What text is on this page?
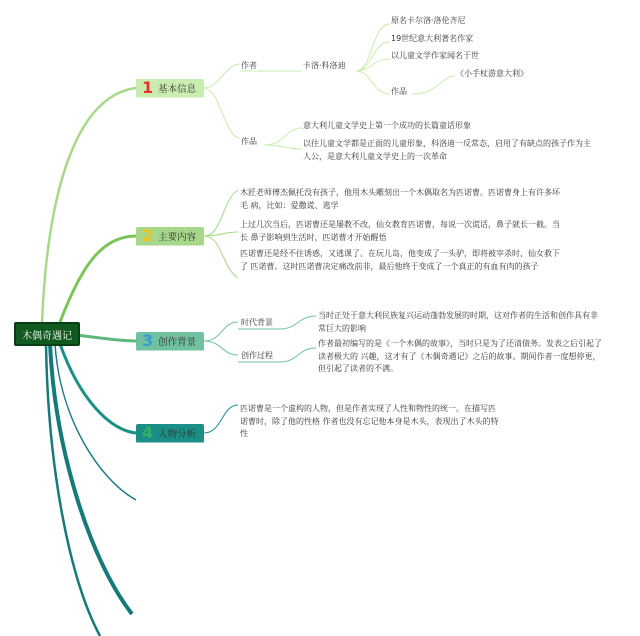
木偶奇遇记
1 基本信息
2 主要内容
3 创作背景
4 人物分析
作者	卡洛·科洛迪
原名卡尔洛·洛伦齐尼
19世纪意大利著名作家
以儿童文学作家闻名于世
作品
《小手杖游意大利》
作品
意大利儿童文学史上第一个成功的长篇童话形象
以往儿童文学都是正面的儿童形象，科洛迪一反常态，启用了有缺点的孩子作为主人公，是意大利儿童文学史上的一次革命
木匠老师傅杰佩托没有孩子，他用木头雕刻出一个木偶取名为匹诺曹。匹诺曹身上有许多坏毛 病，比如：爱撒谎、逃学
上过几次当后，匹诺曹还是屡教不改，仙女教育匹诺曹，每说一次谎话，鼻子就长一截。当长 鼻子影响到生活时，匹诺曹才开始醒悟
匹诺曹还是经不住诱惑，又逃课了。在玩儿岛，他变成了一头驴，即将被宰杀时，仙女救下了 匹诺曹。这时匹诺曹决定痛改前非，最后他终于变成了一个真正的有血有肉的孩子
时代背景
当时正处于意大利民族复兴运动蓬勃发展的时期，这对作者的生活和创作具有非常巨大的影响
创作过程
作者最初编写的是《一个木偶的故事》，当时只是为了还清债务。发表之后引起了读者极大的 兴趣，这才有了《木偶奇遇记》之后的故事。期间作者一度想停更，但引起了读者的不满。
匹诺曹是一个虚构的人物，但是作者实现了人性和物性的统一。在描写匹诺曹时，除了他的性格 作者也没有忘记他本身是木头，表现出了木头的特性
